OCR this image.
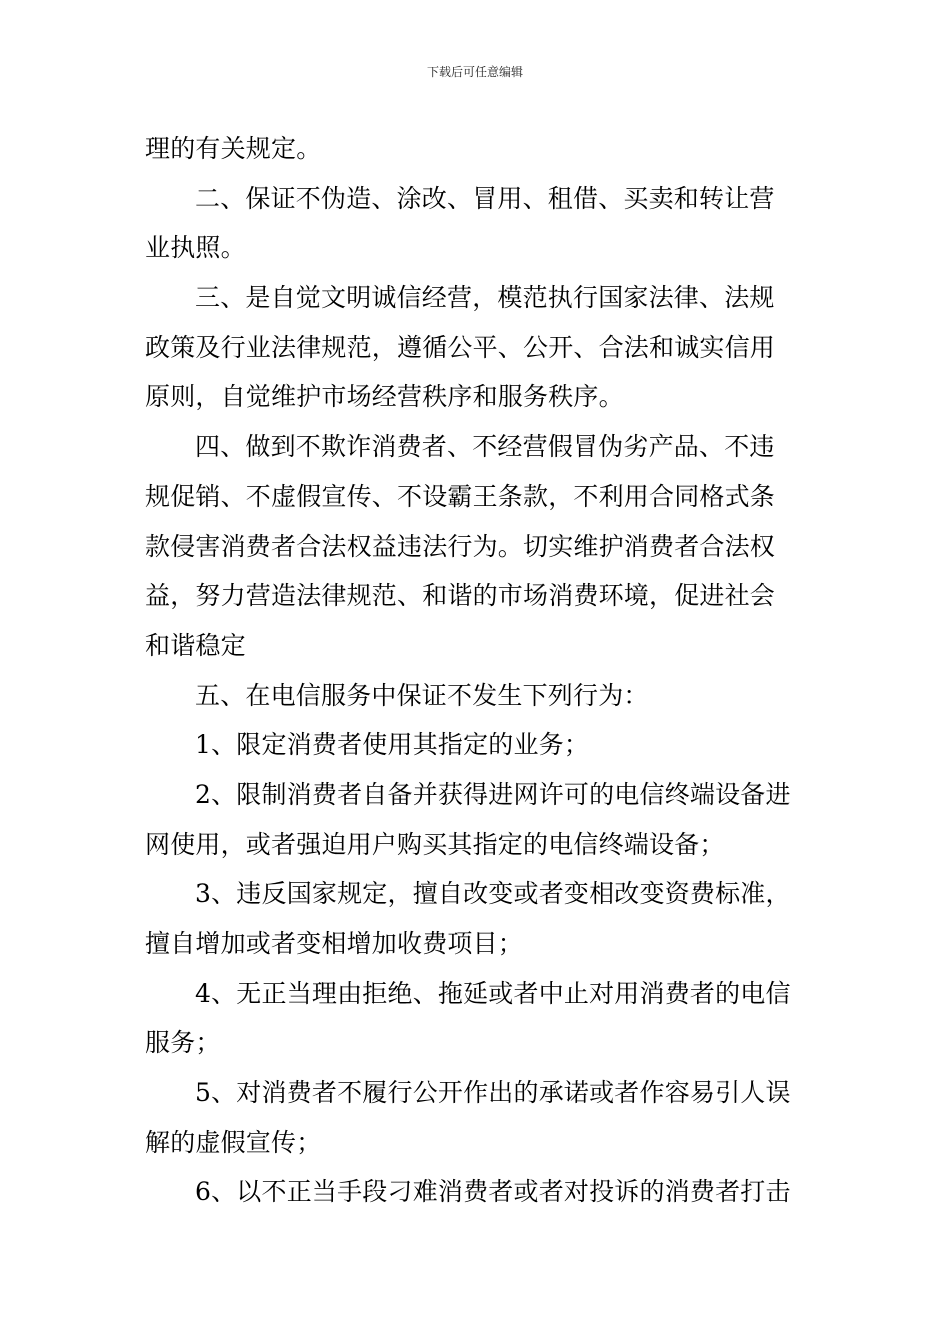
下载后可任意编辑
理的有关规定。
二、保证不伪造、涂改、冒用、租借、买卖和转让营
业执照。
三、是自觉文明诚信经营，模范执行国家法律、法规
政策及行业法律规范，遵循公平、公开、合法和诚实信用
原则，自觉维护市场经营秩序和服务秩序。
四、做到不欺诈消费者、不经营假冒伪劣产品、不违
规促销、不虚假宣传、不设霸王条款，不利用合同格式条
款侵害消费者合法权益违法行为。切实维护消费者合法权
益，努力营造法律规范、和谐的市场消费环境，促进社会
和谐稳定
五、在电信服务中保证不发生下列行为：
1、限定消费者使用其指定的业务；
2、限制消费者自备并获得进网许可的电信终端设备进
网使用，或者强迫用户购买其指定的电信终端设备；
3、违反国家规定，擅自改变或者变相改变资费标准，
擅自增加或者变相增加收费项目；
4、无正当理由拒绝、拖延或者中止对用消费者的电信
服务；
5、对消费者不履行公开作出的承诺或者作容易引人误
解的虚假宣传；
6、以不正当手段刁难消费者或者对投诉的消费者打击
